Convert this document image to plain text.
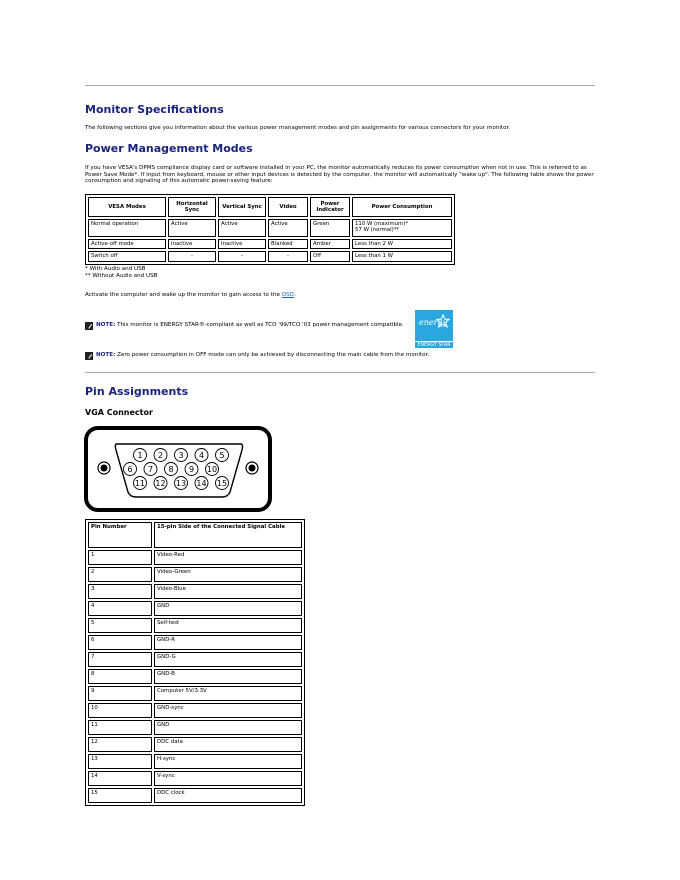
Monitor Specifications

The following sections give you information about the various power management modes and pin assignments for various connectors for your monitor.

Power Management Modes

If you have VESA's DPMS compliance display card or software installed in your PC, the monitor automatically reduces its power consumption when not in use. This is referred to as Power Save Mode*. If input from keyboard, mouse or other input devices is detected by the computer, the monitor will automatically "wake up". The following table shows the power consumption and signaling of this automatic power-saving feature:

VESA Modes	Horizontal Sync	Vertical Sync	Video	Power Indicator	Power Consumption
Normal operation	Active	Active	Active	Green	110 W (maximum)*
57 W (normal)**
Active-off mode	Inactive	Inactive	Blanked	Amber	Less than 2 W
Switch off	-	-	-	Off	Less than 1 W

* With Audio and USB

** Without Audio and USB

Activate the computer and wake up the monitor to gain access to the OSD.

NOTE: This monitor is ENERGY STAR®-compliant as well as TCO '99/TCO '03 power management compatible.	energy
ENERGY STAR
NOTE: Zero power consumption in OFF mode can only be achieved by disconnecting the main cable from the monitor.
Pin Assignments
VGA Connector
1 2 3 4 5
6 7 8 9 10
11 12 13 14 15
Pin Number	15-pin Side of the Connected Signal Cable
1	Video-Red
2	Video-Green
3	Video-Blue
4	GND
5	Self-test
6	GND-R
7	GND-G
8	GND-B
9	Computer 5V/3.3V
10	GND-sync
11	GND
12	DDC data
13	H-sync
14	V-sync
15	DDC clock
